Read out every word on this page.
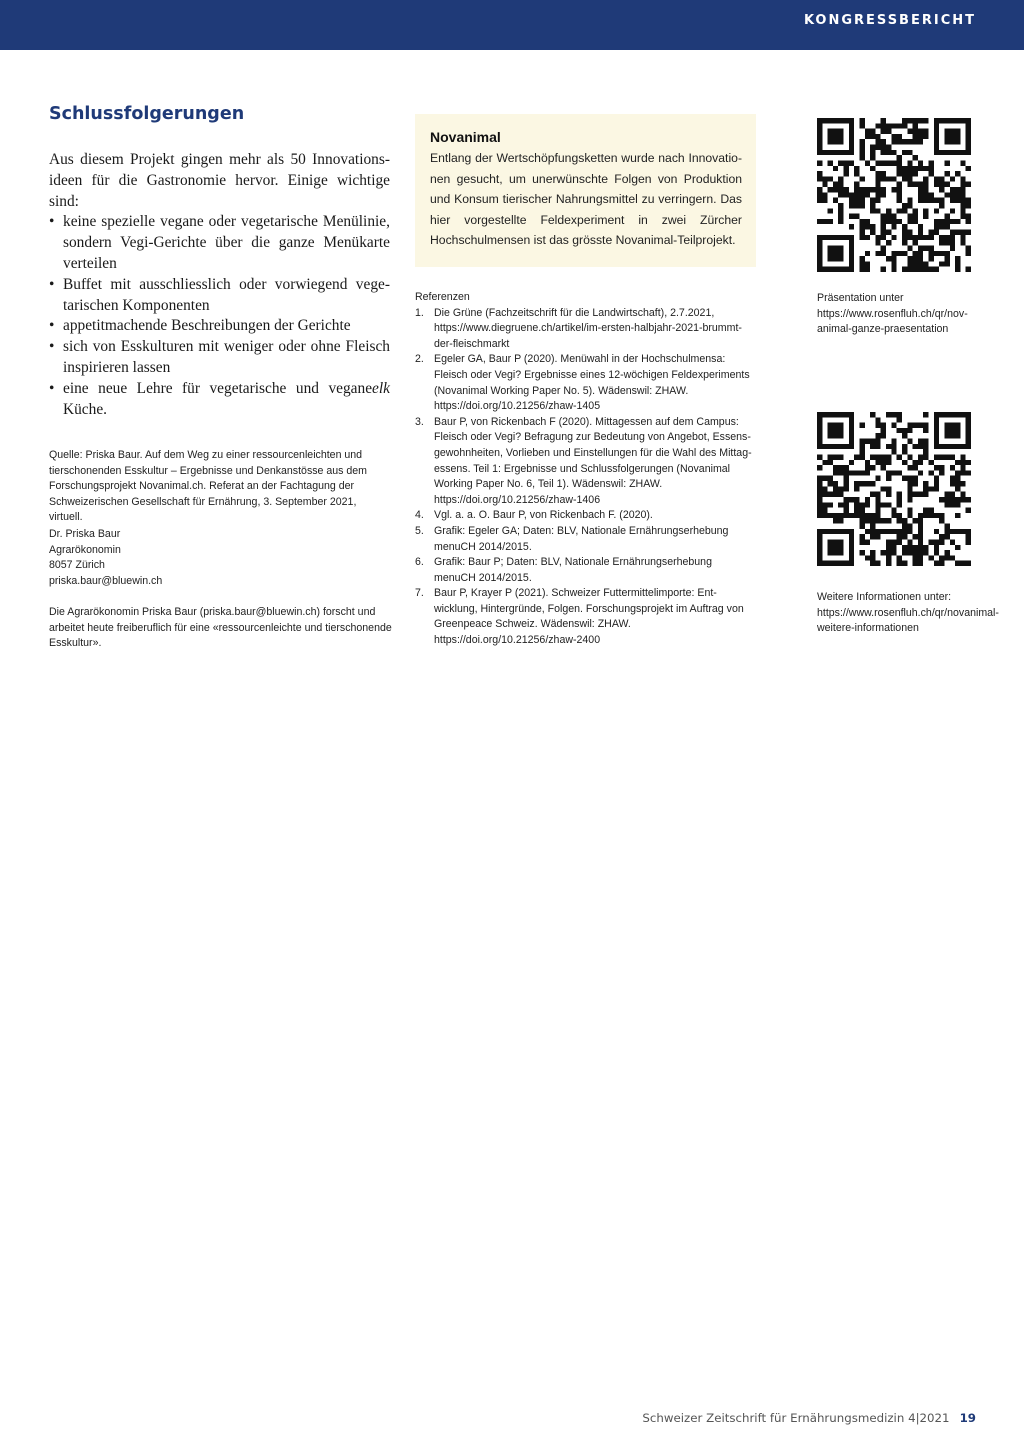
KONGRESSBERICHT
Schlussfolgerungen

Aus diesem Projekt gingen mehr als 50 Innovationsideen für die Gastronomie hervor. Einige wichtige sind:

• keine spezielle vegane oder vegetarische Menülinie, sondern Vegi-Gerichte über die ganze Menükarte verteilen
• Buffet mit ausschliesslich oder vorwiegend vegetarischen Komponenten
• appetitmachende Beschreibungen der Gerichte
• sich von Esskulturen mit weniger oder ohne Fleisch inspirieren lassen
• eine neue Lehre für vegetarische und vegane Küche.
elk

Quelle: Priska Baur. Auf dem Weg zu einer ressourcenleichten und tierschonenden Esskultur – Ergebnisse und Denkanstösse aus dem Forschungsprojekt Novanimal.ch. Referat an der Fachtagung der Schweizerischen Gesellschaft für Ernährung, 3. September 2021, virtuell.

Dr. Priska Baur

Agrarökonomin

8057 Zürich

priska.baur@bluewin.ch

Die Agrarökonomin Priska Baur (priska.baur@bluewin.ch) forscht und arbeitet heute freiberuflich für eine «ressourcenleichte und tierschonende Esskultur».

Novanimal

Entlang der Wertschöpfungsketten wurde nach Innovationen gesucht, um unerwünschte Folgen von Produktion und Konsum tierischer Nahrungsmittel zu verringern. Das hier vorgestellte Feldexperiment in zwei Zürcher Hochschulmensen ist das grösste Novanimal-Teilprojekt.

Referenzen

1. Die Grüne (Fachzeitschrift für die Landwirtschaft), 2.7.2021, https://www.diegruene.ch/artikel/im-ersten-halbjahr-2021-brummt-der-fleischmarkt
2. Egeler GA, Baur P (2020). Menüwahl in der Hochschulmensa: Fleisch oder Vegi? Ergebnisse eines 12-wöchigen Feldexperiments (Novanimal Working Paper No. 5). Wädenswil: ZHAW. https://doi.org/10.21256/zhaw-1405
3. Baur P, von Rickenbach F (2020). Mittagessen auf dem Campus: Fleisch oder Vegi? Befragung zur Bedeutung von Angebot, Essensgewohnheiten, Vorlieben und Einstellungen für die Wahl des Mittagessens. Teil 1: Ergebnisse und Schlussfolgerungen (Novanimal Working Paper No. 6, Teil 1). Wädenswil: ZHAW. https://doi.org/10.21256/zhaw-1406
4. Vgl. a. a. O. Baur P, von Rickenbach F. (2020).
5. Grafik: Egeler GA; Daten: BLV, Nationale Ernährungserhebung menuCH 2014/2015.
6. Grafik: Baur P; Daten: BLV, Nationale Ernährungserhebung menuCH 2014/2015.
7. Baur P, Krayer P (2021). Schweizer Futtermittelimporte: Entwicklung, Hintergründe, Folgen. Forschungsprojekt im Auftrag von Greenpeace Schweiz. Wädenswil: ZHAW. https://doi.org/10.21256/zhaw-2400

Präsentation unter https://www.rosenfluh.ch/qr/nov-animal-ganze-praesentation

Weitere Informationen unter: https://www.rosenfluh.ch/qr/novanimal-weitere-informationen

Schweizer Zeitschrift für Ernährungsmedizin 4|2021 19
